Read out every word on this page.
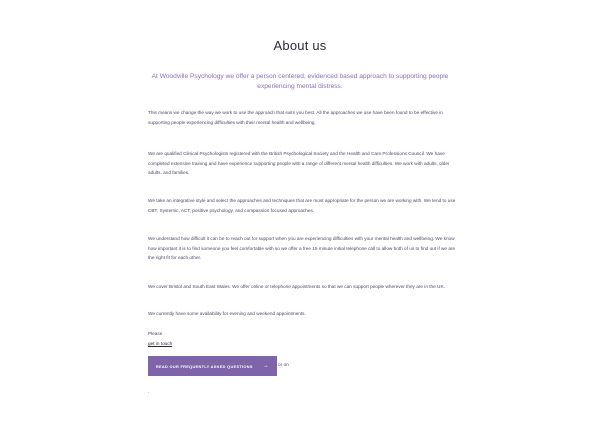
About us
At Woodville Psychology we offer a person centered, evidenced based approach to supporting people experiencing mental distress.

This means we change the way we work to use the approach that suits you best. All the approaches we use have been found to be effective in supporting people experiencing difficulties with their mental health and wellbeing.

We are qualified Clinical Psychologists registered with the British Psychological Society and the Health and Care Professions Council. We have completed extensive training and have experience supporting people with a range of different mental health difficulties. We work with adults, older adults, and families.

We take an integrative style and select the approaches and techniques that are most appropriate for the person we are working with. We tend to use CBT, Systemic, ACT, positive psychology, and compassion focused approaches.

We understand how difficult it can be to reach out for support when you are experiencing difficulties with your mental health and wellbeing. We know how important it is to find someone you feel comfortable with so we offer a free 15 minute initial telephone call to allow both of us to find out if we are the right fit for each other.

We cover Bristol and South East Wales. We offer online or telephone appointments so that we can support people wherever they are in the UK.

We currently have some availability for evening and weekend appointments.

Please
get in touch
READ OUR FREQUENTLY ASKED QUESTIONS → or on
.
